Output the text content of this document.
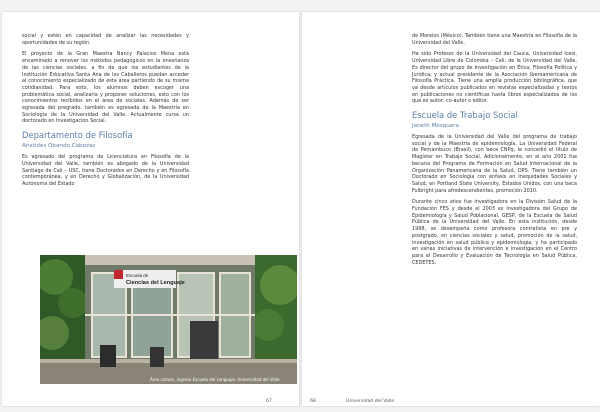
social y estén en capacidad de analizar las necesidades y oportunidades de su región.

El proyecto de la Gran Maestra Nancy Palacios Mena está encaminado a renovar los métodos pedagógicos en la enseñanza de las ciencias sociales, a fin de que los estudiantes de la Institución Educativa Santa Ana de los Caballeros puedan acceder al conocimiento especializado de esta área partiendo de su misma cotidianidad. Para esto, los alumnos deben escoger una problemática social, analizarla y proponer soluciones, esto con los conocimientos recibidos en el área de sociales. Además de ser egresada del pregrado, también es egresada de la Maestría en Sociología de la Universidad del Valle. Actualmente cursa un doctorado en Investigación Social.

Departamento de Filosofía
Aristides Obando Cabezas

Es egresado del programa de Licenciatura en Filosofía de la Universidad del Valle, también es abogado de la Universidad Santiago de Cali – USC, tiene Doctorados en Derecho y en Filosofía contemporánea, y en Derecho y Globalización, de la Universidad Autónoma del Estado

67

de Morelos (México). También tiene una Maestría en Filosofía de la Universidad del Valle.

Ha sido Profesor de la Universidad del Cauca, Universidad Icesi, Universidad Libre de Colombia – Cali, de la Universidad del Valle. Es director del grupo de Investigación en Ética, Filosofía Política y Jurídica, y actual presidente de la Asociación Iberoamericana de Filosofía Práctica. Tiene una amplia producción bibliográfica, que va desde artículos publicados en revistas especializadas y textos en publicaciones no científicas hasta libros especializados de los que es autor, co-autor o editor.

Escuela de Trabajo Social
Janeth Mosquera

Egresada de la Universidad del Valle del programa de trabajo social y de la Maestría de epidemiología. La Universidad Federal de Pernambuco (Brasil), con beca CNPq, le concedió el título de Magíster en Trabajo Social. Adicionalmente, en el año 2001 fue becaria del Programa de Formación en Salud Internacional de la Organización Panamericana de la Salud, OPS. Tiene también un Doctorado en Sociología con énfasis en Inequidades Sociales y Salud, en Portland State University, Estados Unidos, con una beca Fulbright para afrodescendientes, promoción 2010.

Durante cinco años fue investigadora en la División Salud de la Fundación FES y desde el 2003 es investigadora del Grupo de Epidemiología y Salud Poblacional, GESP, de la Escuela de Salud Pública de la Universidad del Valle. En esta institución, desde 1998, se desempeña como profesora contratista en pre y postgrado, en ciencias sociales y salud, promoción de la salud, investigación en salud pública y epidemiología, y ha participado en varias iniciativas de intervención e investigación en el Centro para el Desarrollo y Evaluación de Tecnología en Salud Pública, CEDETES.

68	Universidad del Valle
Escuela de
Ciencias del Lenguaje
Área común, ingreso Escuela del Lenguaje. Universidad del Valle.
